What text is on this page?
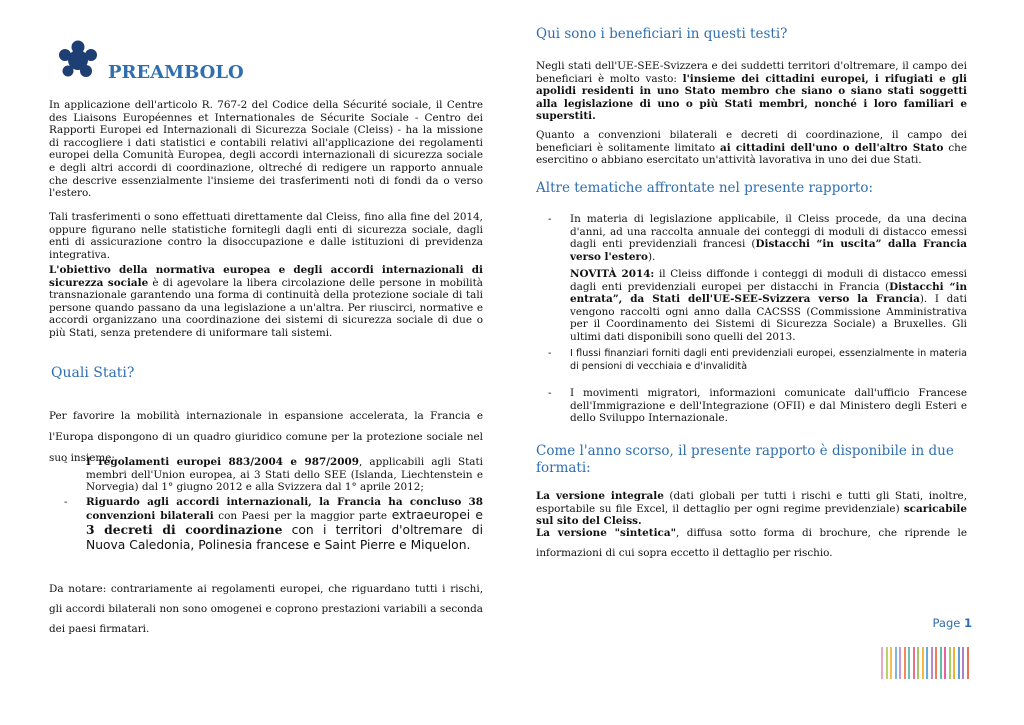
PREAMBOLO

In applicazione dell'articolo R. 767-2 del Codice della Sécurité sociale, il Centre des Liaisons Européennes et Internationales de Sécurite Sociale - Centro dei Rapporti Europei ed Internazionali di Sicurezza Sociale (Cleiss) - ha la missione di raccogliere i dati statistici e contabili relativi all'applicazione dei regolamenti europei della Comunità Europea, degli accordi internazionali di sicurezza sociale e degli altri accordi di coordinazione, oltreché di redigere un rapporto annuale che descrive essenzialmente l'insieme dei trasferimenti noti di fondi da o verso l'estero.

Tali trasferimenti o sono effettuati direttamente dal Cleiss, fino alla fine del 2014, oppure figurano nelle statistiche fornitegli dagli enti di sicurezza sociale, dagli enti di assicurazione contro la disoccupazione e dalle istituzioni di previdenza integrativa.

L'obiettivo della normativa europea e degli accordi internazionali di sicurezza sociale è di agevolare la libera circolazione delle persone in mobilità transnazionale garantendo una forma di continuità della protezione sociale di tali persone quando passano da una legislazione a un'altra. Per riuscirci, normative e accordi organizzano una coordinazione dei sistemi di sicurezza sociale di due o più Stati, senza pretendere di uniformare tali sistemi.

Quali Stati?

Per favorire la mobilità internazionale in espansione accelerata, la Francia e l'Europa dispongono di un quadro giuridico comune per la protezione sociale nel suo insieme:

- I regolamenti europei 883/2004 e 987/2009, applicabili agli Stati membri dell'Union europea, ai 3 Stati dello SEE (Islanda, Liechtenstein e Norvegia) dal 1° giugno 2012 e alla Svizzera dal 1° aprile 2012;
- Riguardo agli accordi internazionali, la Francia ha concluso 38 convenzioni bilaterali con Paesi per la maggior parte extraeuropei e 3 decreti di coordinazione con i territori d'oltremare di Nuova Caledonia, Polinesia francese e Saint Pierre e Miquelon.

Da notare: contrariamente ai regolamenti europei, che riguardano tutti i rischi, gli accordi bilaterali non sono omogenei e coprono prestazioni variabili a seconda dei paesi firmatari.

Qui sono i beneficiari in questi testi?

Negli stati dell'UE-SEE-Svizzera e dei suddetti territori d'oltremare, il campo dei beneficiari è molto vasto: l'insieme dei cittadini europei, i rifugiati e gli apolidi residenti in uno Stato membro che siano o siano stati soggetti alla legislazione di uno o più Stati membri, nonché i loro familiari e superstiti.

Quanto a convenzioni bilaterali e decreti di coordinazione, il campo dei beneficiari è solitamente limitato ai cittadini dell'uno o dell'altro Stato che esercitino o abbiano esercitato un'attività lavorativa in uno dei due Stati.

Altre tematiche affrontate nel presente rapporto:
- In materia di legislazione applicabile, il Cleiss procede, da una decina d'anni, ad una raccolta annuale dei conteggi di moduli di distacco emessi dagli enti previdenziali francesi (Distacchi “in uscita” dalla Francia verso l'estero).

NOVITÀ 2014: il Cleiss diffonde i conteggi di moduli di distacco emessi dagli enti previdenziali europei per distacchi in Francia (Distacchi “in entrata”, da Stati dell'UE-SEE-Svizzera verso la Francia). I dati vengono raccolti ogni anno dalla CACSSS (Commissione Amministrativa per il Coordinamento dei Sistemi di Sicurezza Sociale) a Bruxelles. Gli ultimi dati disponibili sono quelli del 2013.

- I flussi finanziari forniti dagli enti previdenziali europei, essenzialmente in materia di pensioni di vecchiaia e d'invalidità
- I movimenti migratori, informazioni comunicate dall'ufficio Francese dell'Immigrazione e dell'Integrazione (OFII) e dal Ministero degli Esteri e dello Sviluppo Internazionale.
Come l'anno scorso, il presente rapporto è disponibile in due formati:

La versione integrale (dati globali per tutti i rischi e tutti gli Stati, inoltre, esportabile su file Excel, il dettaglio per ogni regime previdenziale) scaricabile sul sito del Cleiss.

La versione "sintetica", diffusa sotto forma di brochure, che riprende le informazioni di cui sopra eccetto il dettaglio per rischio.

Page 1
